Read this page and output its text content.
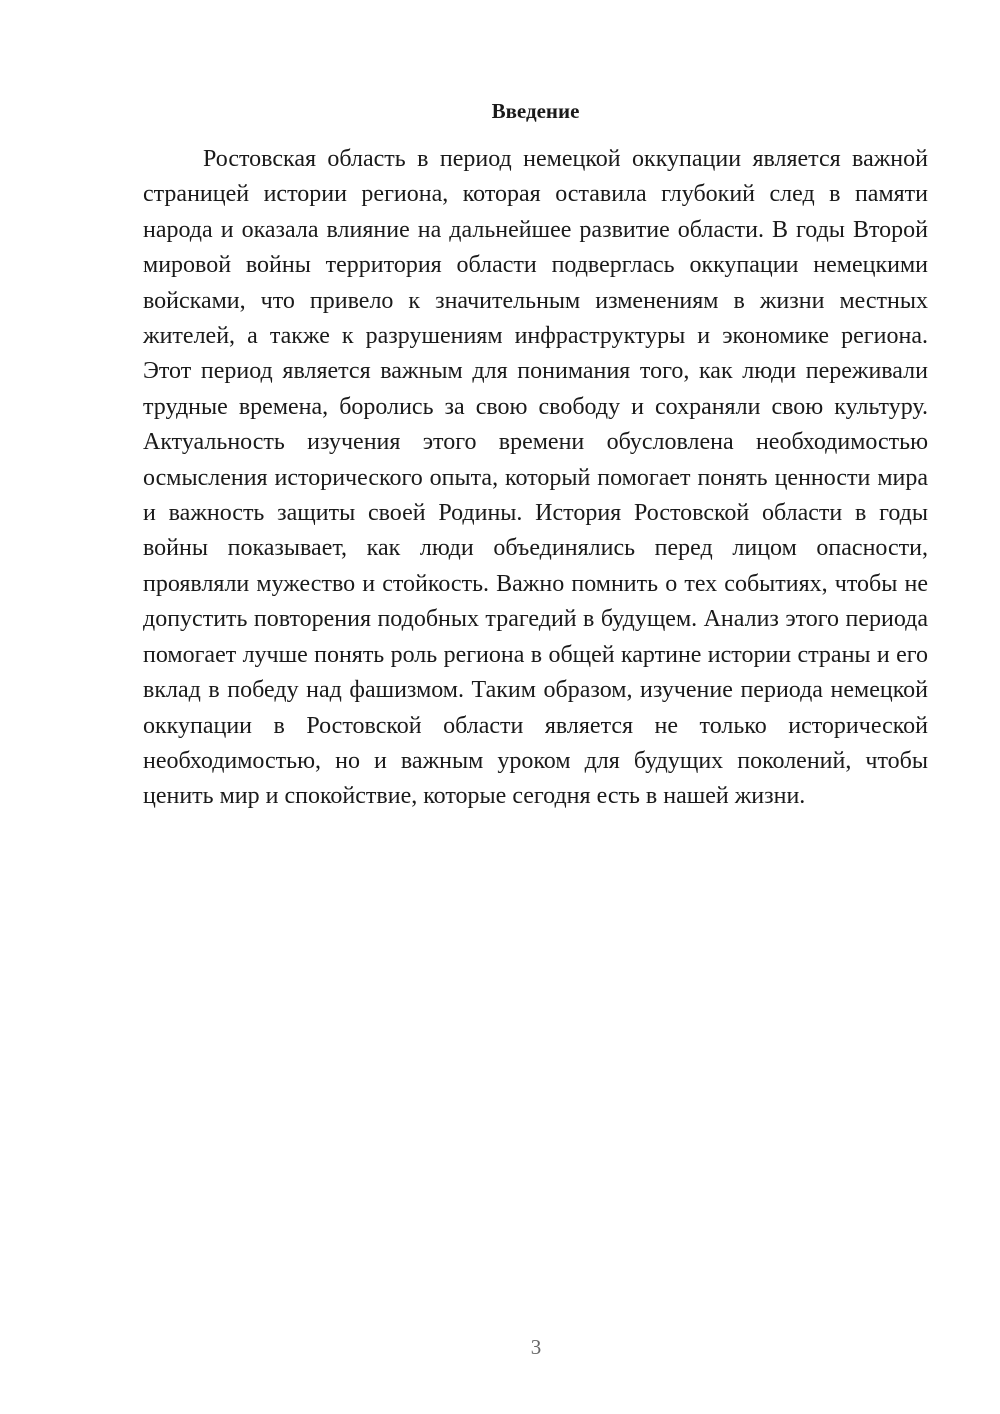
Введение

Ростовская область в период немецкой оккупации является важной страницей истории региона, которая оставила глубокий след в памяти народа и оказала влияние на дальнейшее развитие области. В годы Второй мировой войны территория области подверглась оккупации немецкими войсками, что привело к значительным изменениям в жизни местных жителей, а также к разрушениям инфраструктуры и экономике региона. Этот период является важным для понимания того, как люди переживали трудные времена, боролись за свою свободу и сохраняли свою культуру. Актуальность изучения этого времени обусловлена необходимостью осмысления исторического опыта, который помогает понять ценности мира и важность защиты своей Родины. История Ростовской области в годы войны показывает, как люди объединялись перед лицом опасности, проявляли мужество и стойкость. Важно помнить о тех событиях, чтобы не допустить повторения подобных трагедий в будущем. Анализ этого периода помогает лучше понять роль региона в общей картине истории страны и его вклад в победу над фашизмом. Таким образом, изучение периода немецкой оккупации в Ростовской области является не только исторической необходимостью, но и важным уроком для будущих поколений, чтобы ценить мир и спокойствие, которые сегодня есть в нашей жизни.

3
